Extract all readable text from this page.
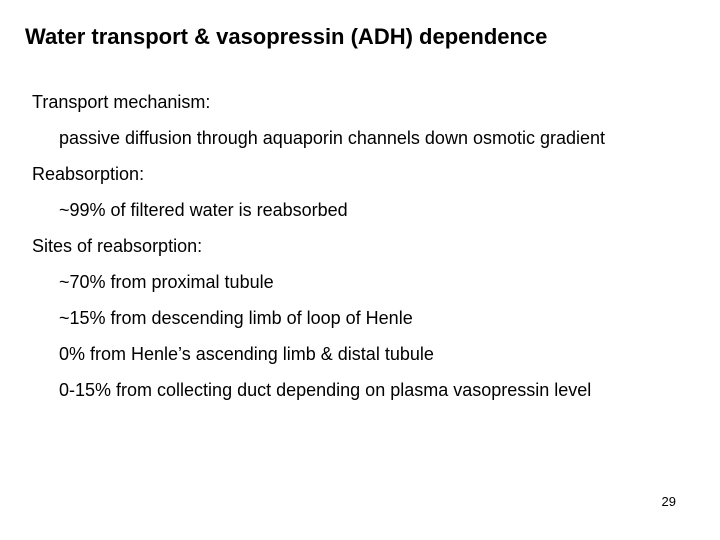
Water transport & vasopressin (ADH) dependence
Transport mechanism:
passive diffusion through aquaporin channels down osmotic gradient
Reabsorption:
~99% of filtered water is reabsorbed
Sites of reabsorption:
~70% from proximal tubule
~15% from descending limb of loop of Henle
0% from Henle’s ascending limb & distal tubule
0-15% from collecting duct depending on plasma vasopressin level
29
